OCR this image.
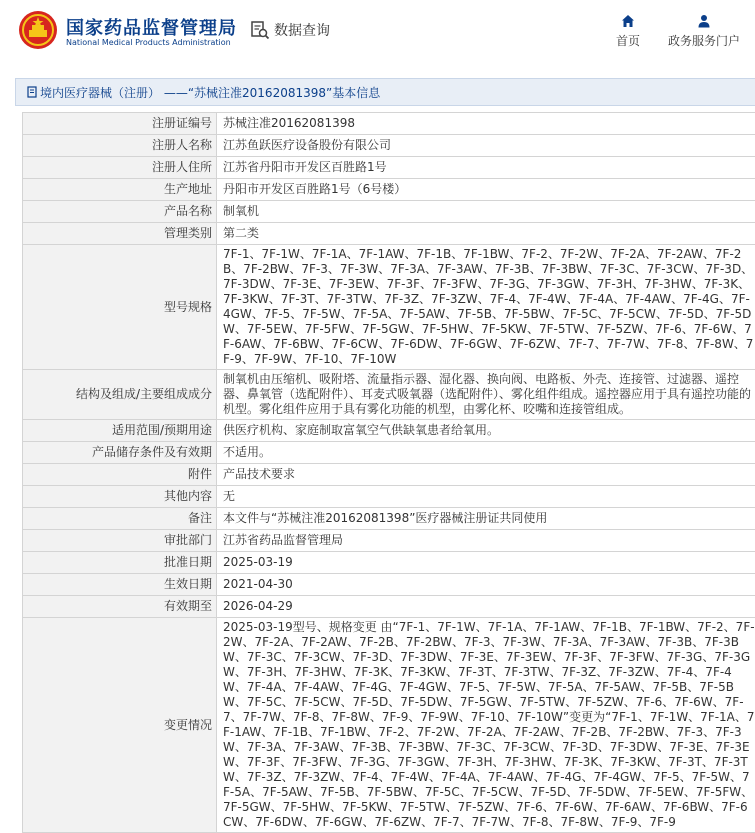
国家药品监督管理局
National Medical Products Administration
数据查询
首页	政务服务门户
境内医疗器械（注册） ——“苏械注准20162081398”基本信息
注册证编号	苏械注准20162081398
注册人名称	江苏鱼跃医疗设备股份有限公司
注册人住所	江苏省丹阳市开发区百胜路1号
生产地址	丹阳市开发区百胜路1号（6号楼）
产品名称	制氧机
管理类别	第二类
型号规格	7F-1、7F-1W、7F-1A、7F-1AW、7F-1B、7F-1BW、7F-2、7F-2W、7F-2A、7F-2AW、7F-2B、7F-2BW、7F-3、7F-3W、7F-3A、7F-3AW、7F-3B、7F-3BW、7F-3C、7F-3CW、7F-3D、7F-3DW、7F-3E、7F-3EW、7F-3F、7F-3FW、7F-3G、7F-3GW、7F-3H、7F-3HW、7F-3K、7F-3KW、7F-3T、7F-3TW、7F-3Z、7F-3ZW、7F-4、7F-4W、7F-4A、7F-4AW、7F-4G、7F-4GW、7F-5、7F-5W、7F-5A、7F-5AW、7F-5B、7F-5BW、7F-5C、7F-5CW、7F-5D、7F-5DW、7F-5EW、7F-5FW、7F-5GW、7F-5HW、7F-5KW、7F-5TW、7F-5ZW、7F-6、7F-6W、7F-6AW、7F-6BW、7F-6CW、7F-6DW、7F-6GW、7F-6ZW、7F-7、7F-7W、7F-8、7F-8W、7F-9、7F-9W、7F-10、7F-10W
结构及组成/主要组成成分	制氧机由压缩机、吸附塔、流量指示器、湿化器、换向阀、电路板、外壳、连接管、过滤器、遥控器、鼻氧管（选配附件）、耳麦式吸氧器（选配附件）、雾化组件组成。遥控器应用于具有遥控功能的机型。雾化组件应用于具有雾化功能的机型，由雾化杯、咬嘴和连接管组成。
适用范围/预期用途	供医疗机构、家庭制取富氧空气供缺氧患者给氧用。
产品储存条件及有效期	不适用。
附件	产品技术要求
其他内容	无
备注	本文件与“苏械注准20162081398”医疗器械注册证共同使用
审批部门	江苏省药品监督管理局
批准日期	2025-03-19
生效日期	2021-04-30
有效期至	2026-04-29
变更情况	2025-03-19型号、规格变更 由“7F-1、7F-1W、7F-1A、7F-1AW、7F-1B、7F-1BW、7F-2、7F-2W、7F-2A、7F-2AW、7F-2B、7F-2BW、7F-3、7F-3W、7F-3A、7F-3AW、7F-3B、7F-3BW、7F-3C、7F-3CW、7F-3D、7F-3DW、7F-3E、7F-3EW、7F-3F、7F-3FW、7F-3G、7F-3GW、7F-3H、7F-3HW、7F-3K、7F-3KW、7F-3T、7F-3TW、7F-3Z、7F-3ZW、7F-4、7F-4W、7F-4A、7F-4AW、7F-4G、7F-4GW、7F-5、7F-5W、7F-5A、7F-5AW、7F-5B、7F-5BW、7F-5C、7F-5CW、7F-5D、7F-5DW、7F-5GW、7F-5TW、7F-5ZW、7F-6、7F-6W、7F-7、7F-7W、7F-8、7F-8W、7F-9、7F-9W、7F-10、7F-10W”变更为“7F-1、7F-1W、7F-1A、7F-1AW、7F-1B、7F-1BW、7F-2、7F-2W、7F-2A、7F-2AW、7F-2B、7F-2BW、7F-3、7F-3W、7F-3A、7F-3AW、7F-3B、7F-3BW、7F-3C、7F-3CW、7F-3D、7F-3DW、7F-3E、7F-3EW、7F-3F、7F-3FW、7F-3G、7F-3GW、7F-3H、7F-3HW、7F-3K、7F-3KW、7F-3T、7F-3TW、7F-3Z、7F-3ZW、7F-4、7F-4W、7F-4A、7F-4AW、7F-4G、7F-4GW、7F-5、7F-5W、7F-5A、7F-5AW、7F-5B、7F-5BW、7F-5C、7F-5CW、7F-5D、7F-5DW、7F-5EW、7F-5FW、7F-5GW、7F-5HW、7F-5KW、7F-5TW、7F-5ZW、7F-6、7F-6W、7F-6AW、7F-6BW、7F-6CW、7F-6DW、7F-6GW、7F-6ZW、7F-7、7F-7W、7F-8、7F-8W、7F-9、7F-9
